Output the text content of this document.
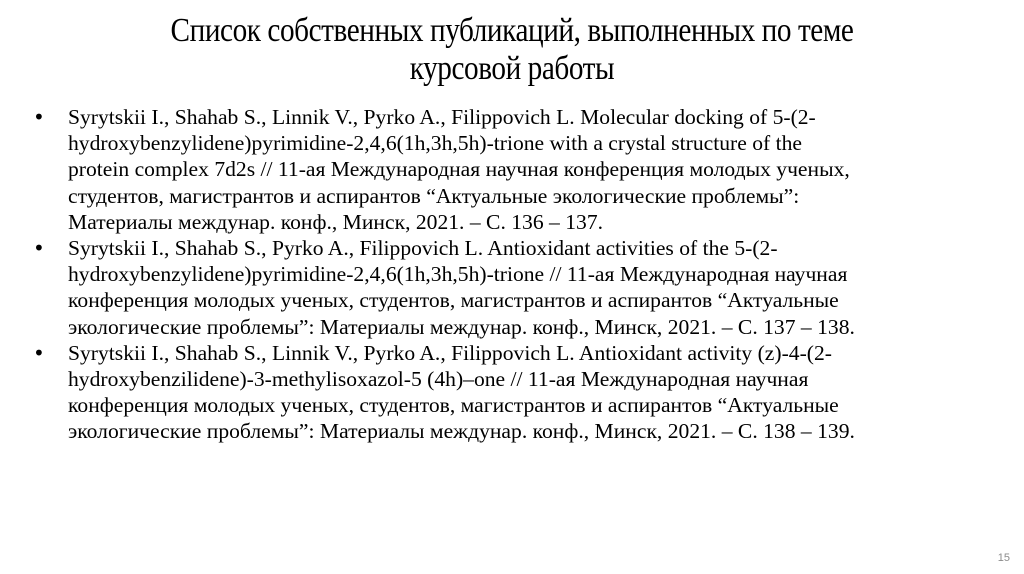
Список собственных публикаций, выполненных по теме
курсовой работы
• Syrytskii I., Shahab S., Linnik V., Pyrko A., Filippovich L. Molecular docking of 5-(2-
hydroxybenzylidene)pyrimidine-2,4,6(1h,3h,5h)-trione with a crystal structure of the
protein complex 7d2s // 11-ая Международная научная конференция молодых ученых,
студентов, магистрантов и аспирантов “Актуальные экологические проблемы”:
Материалы междунар. конф., Минск, 2021. – С. 136 – 137.
• Syrytskii I., Shahab S., Pyrko A., Filippovich L. Antioxidant activities of the 5-(2-
hydroxybenzylidene)pyrimidine-2,4,6(1h,3h,5h)-trione // 11-ая Международная научная
конференция молодых ученых, студентов, магистрантов и аспирантов “Актуальные
экологические проблемы”: Материалы междунар. конф., Минск, 2021. – С. 137 – 138.
• Syrytskii I., Shahab S., Linnik V., Pyrko A., Filippovich L. Antioxidant activity (z)-4-(2-
hydroxybenzilidene)-3-methylisoxazol-5 (4h)–one // 11-ая Международная научная
конференция молодых ученых, студентов, магистрантов и аспирантов “Актуальные
экологические проблемы”: Материалы междунар. конф., Минск, 2021. – С. 138 – 139.
15
